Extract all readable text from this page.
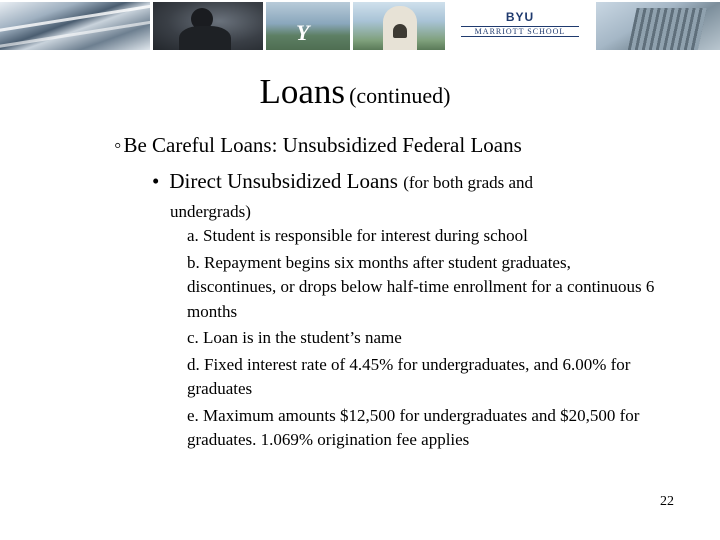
Y
BYU
MARRIOTT SCHOOL
Loans (continued)
◦Be Careful Loans: Unsubsidized Federal Loans
• Direct Unsubsidized Loans (for both grads and
undergrads)
a. Student is responsible for interest during school
b. Repayment begins six months after student graduates, discontinues, or drops below half-time enrollment for a continuous 6 months
c. Loan is in the student’s name
d. Fixed interest rate of 4.45% for undergraduates, and 6.00% for graduates
e. Maximum amounts $12,500 for undergraduates and $20,500 for graduates. 1.069% origination fee applies
22
